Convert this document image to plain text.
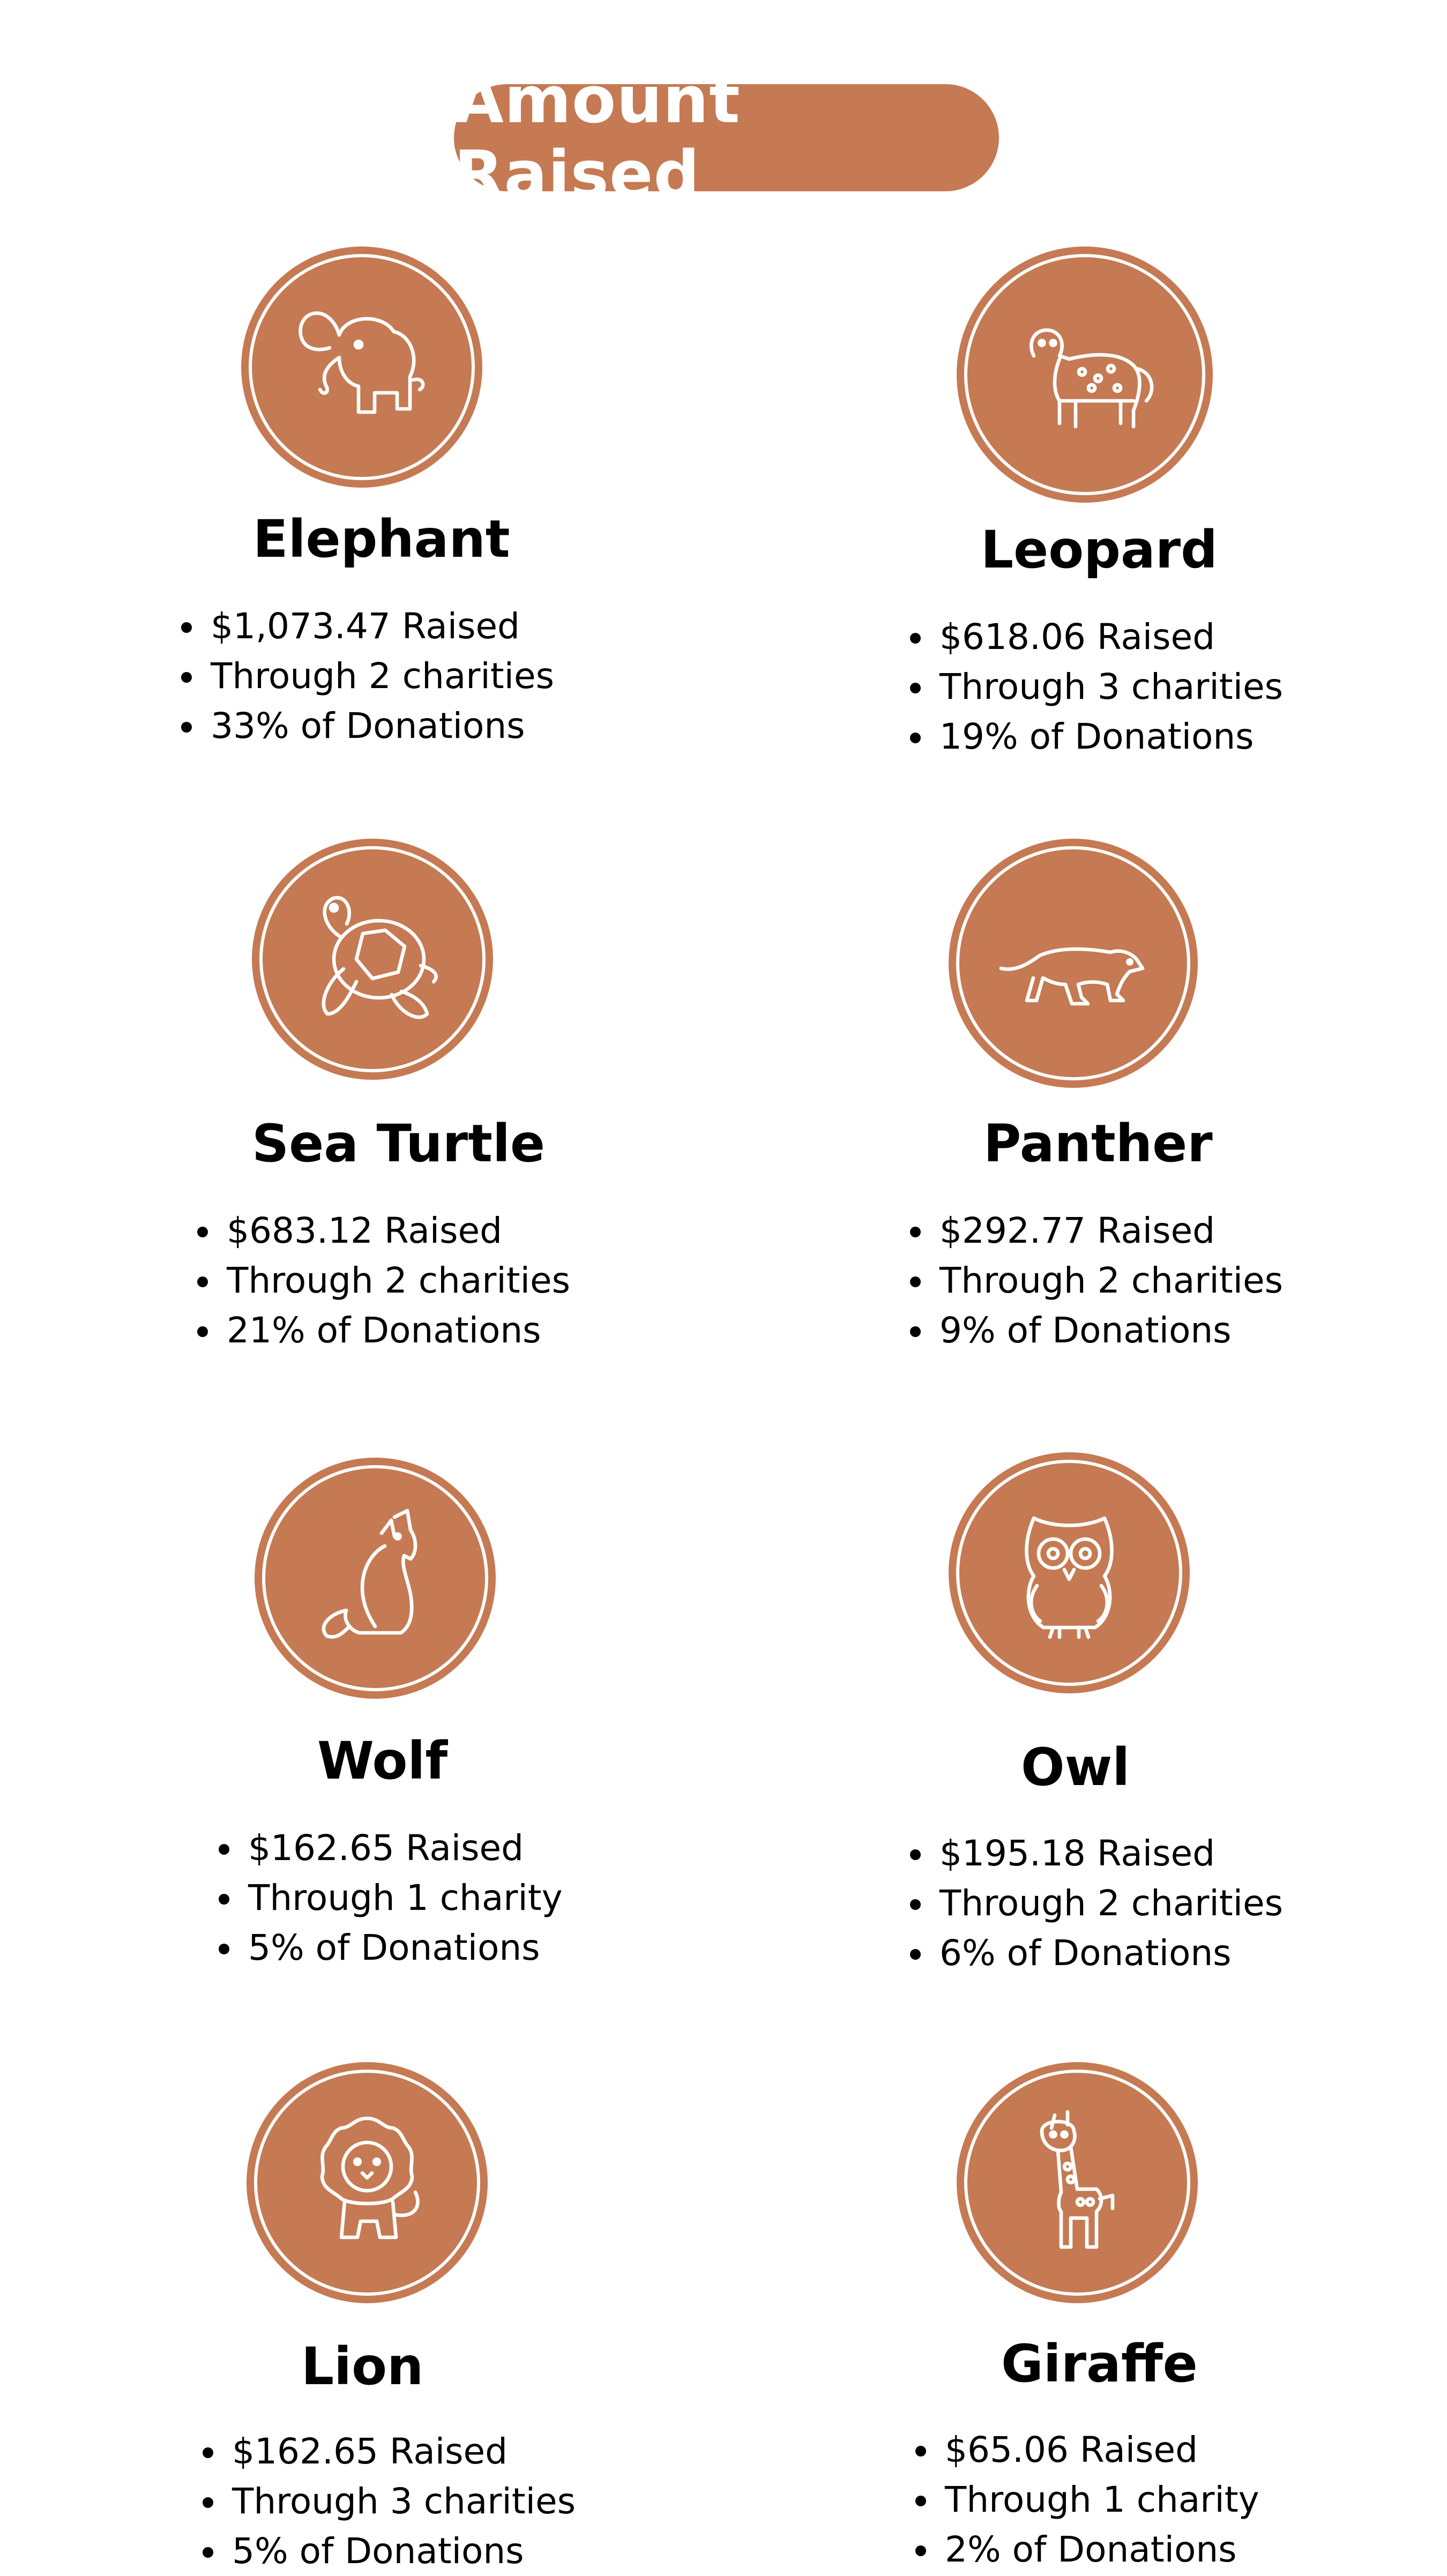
Amount Raised
Elephant
• $1,073.47 Raised
• Through 2 charities
• 33% of Donations
Leopard
• $618.06 Raised
• Through 3 charities
• 19% of Donations
Sea Turtle
• $683.12 Raised
• Through 2 charities
• 21% of Donations
Panther
• $292.77 Raised
• Through 2 charities
• 9% of Donations
Wolf
• $162.65 Raised
• Through 1 charity
• 5% of Donations
Owl
• $195.18 Raised
• Through 2 charities
• 6% of Donations
Lion
• $162.65 Raised
• Through 3 charities
• 5% of Donations
Giraffe
• $65.06 Raised
• Through 1 charity
• 2% of Donations
